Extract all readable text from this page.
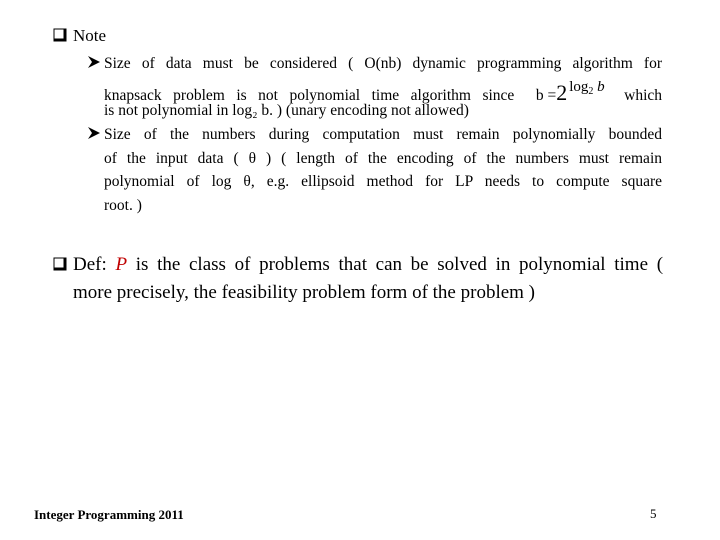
Note
Size of data must be considered ( O(nb) dynamic programming algorithm for
knapsack problem is not polynomial time algorithm since b =2 $^{log_2 b}$ which
is not polynomial in log₂ b. ) (unary encoding not allowed)
Size of the numbers during computation must remain polynomially bounded
of the input data ( θ ) ( length of the encoding of the numbers must remain
polynomial of log θ, e.g. ellipsoid method for LP needs to compute square
root. )
Def: P is the class of problems that can be solved in polynomial time (
more precisely, the feasibility problem form of the problem )
Integer Programming 2011	5
